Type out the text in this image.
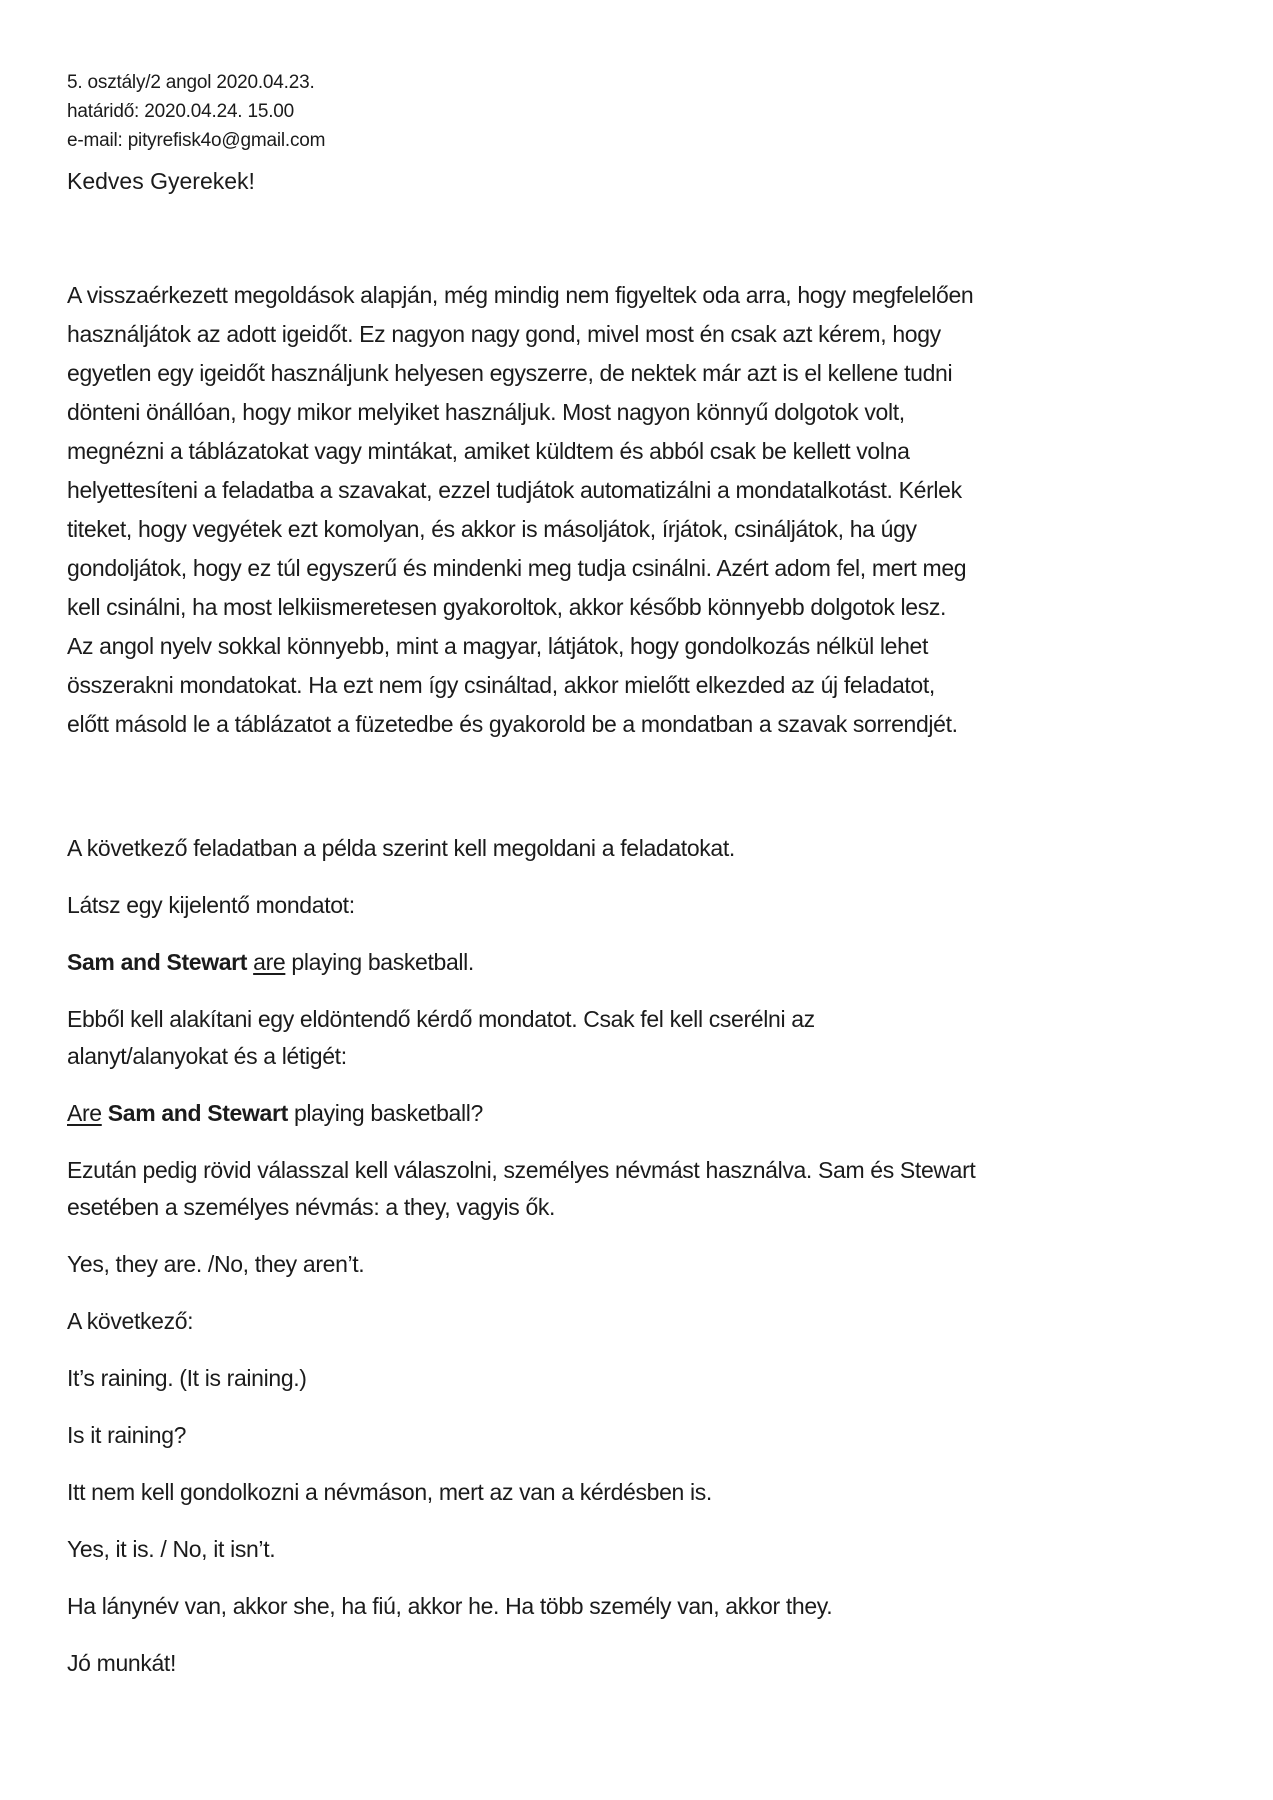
5. osztály/2 angol 2020.04.23.
határidő: 2020.04.24. 15.00
e-mail: pityrefisk4o@gmail.com
Kedves Gyerekek!
A visszaérkezett megoldások alapján, még mindig nem figyeltek oda arra, hogy megfelelően
használjátok az adott igeidőt. Ez nagyon nagy gond, mivel most én csak azt kérem, hogy
egyetlen egy igeidőt használjunk helyesen egyszerre, de nektek már azt is el kellene tudni
dönteni önállóan, hogy mikor melyiket használjuk. Most nagyon könnyű dolgotok volt,
megnézni a táblázatokat vagy mintákat, amiket küldtem és abból csak be kellett volna
helyettesíteni a feladatba a szavakat, ezzel tudjátok automatizálni a mondatalkotást. Kérlek
titeket, hogy vegyétek ezt komolyan, és akkor is másoljátok, írjátok, csináljátok, ha úgy
gondoljátok, hogy ez túl egyszerű és mindenki meg tudja csinálni. Azért adom fel, mert meg
kell csinálni, ha most lelkiismeretesen gyakoroltok, akkor később könnyebb dolgotok lesz.
Az angol nyelv sokkal könnyebb, mint a magyar, látjátok, hogy gondolkozás nélkül lehet
összerakni mondatokat. Ha ezt nem így csináltad, akkor mielőtt elkezded az új feladatot,
előtt másold le a táblázatot a füzetedbe és gyakorold be a mondatban a szavak sorrendjét.

A következő feladatban a példa szerint kell megoldani a feladatokat.

Látsz egy kijelentő mondatot:

Sam and Stewart are playing basketball.

Ebből kell alakítani egy eldöntendő kérdő mondatot. Csak fel kell cserélni az
alanyt/alanyokat és a létigét:

Are Sam and Stewart playing basketball?

Ezután pedig rövid válasszal kell válaszolni, személyes névmást használva. Sam és Stewart
esetében a személyes névmás: a they, vagyis ők.

Yes, they are. /No, they aren’t.

A következő:

It’s raining. (It is raining.)

Is it raining?

Itt nem kell gondolkozni a névmáson, mert az van a kérdésben is.

Yes, it is. / No, it isn’t.

Ha lánynév van, akkor she, ha fiú, akkor he. Ha több személy van, akkor they.

Jó munkát!
